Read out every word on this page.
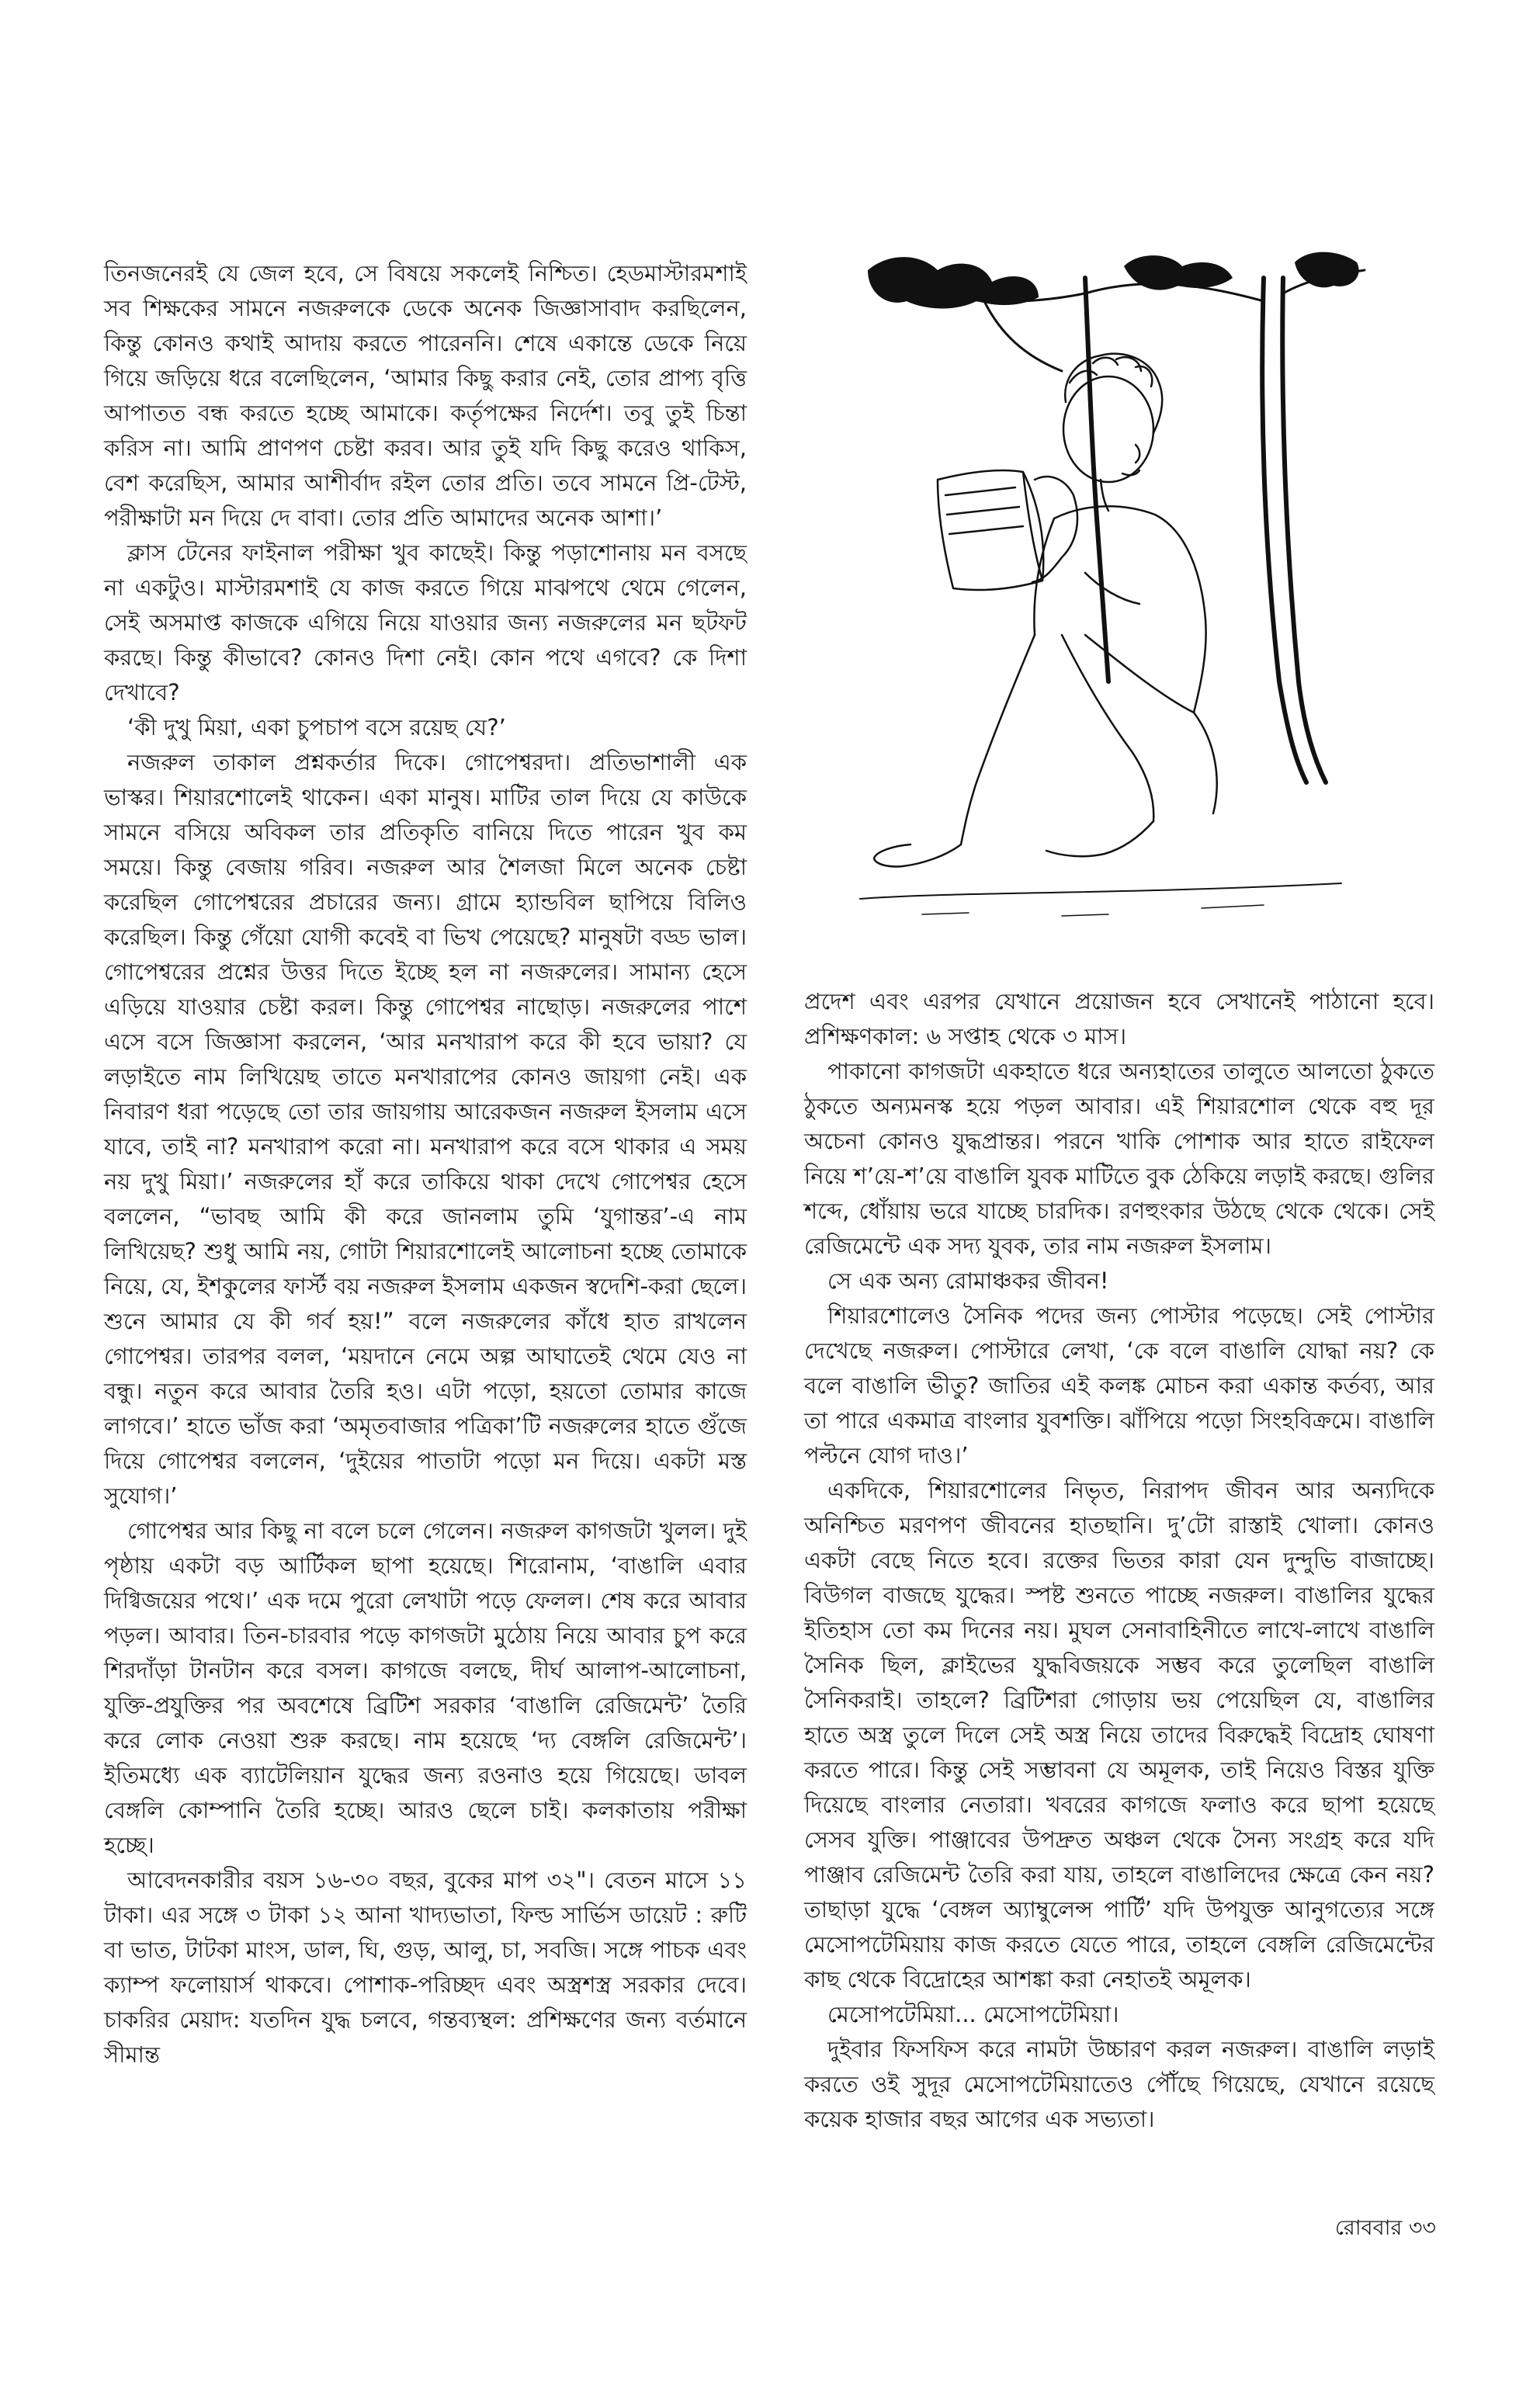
তিনজনেরই যে জেল হবে, সে বিষয়ে সকলেই নিশ্চিত। হেডমাস্টারমশাই সব শিক্ষকের সামনে নজরুলকে ডেকে অনেক জিজ্ঞাসাবাদ করছিলেন, কিন্তু কোনও কথাই আদায় করতে পারেননি। শেষে একান্তে ডেকে নিয়ে গিয়ে জড়িয়ে ধরে বলেছিলেন, ‘আমার কিছু করার নেই, তোর প্রাপ্য বৃত্তি আপাতত বন্ধ করতে হচ্ছে আমাকে। কর্তৃপক্ষের নির্দেশ। তবু তুই চিন্তা করিস না। আমি প্রাণপণ চেষ্টা করব। আর তুই যদি কিছু করেও থাকিস, বেশ করেছিস, আমার আশীর্বাদ রইল তোর প্রতি। তবে সামনে প্রি-টেস্ট, পরীক্ষাটা মন দিয়ে দে বাবা। তোর প্রতি আমাদের অনেক আশা।’

ক্লাস টেনের ফাইনাল পরীক্ষা খুব কাছেই। কিন্তু পড়াশোনায় মন বসছে না একটুও। মাস্টারমশাই যে কাজ করতে গিয়ে মাঝপথে থেমে গেলেন, সেই অসমাপ্ত কাজকে এগিয়ে নিয়ে যাওয়ার জন্য নজরুলের মন ছটফট করছে। কিন্তু কীভাবে? কোনও দিশা নেই। কোন পথে এগবে? কে দিশা দেখাবে?

‘কী দুখু মিয়া, একা চুপচাপ বসে রয়েছ যে?’

নজরুল তাকাল প্রশ্নকর্তার দিকে। গোপেশ্বরদা। প্রতিভাশালী এক ভাস্কর। শিয়ারশোলেই থাকেন। একা মানুষ। মাটির তাল দিয়ে যে কাউকে সামনে বসিয়ে অবিকল তার প্রতিকৃতি বানিয়ে দিতে পারেন খুব কম সময়ে। কিন্তু বেজায় গরিব। নজরুল আর শৈলজা মিলে অনেক চেষ্টা করেছিল গোপেশ্বরের প্রচারের জন্য। গ্রামে হ্যান্ডবিল ছাপিয়ে বিলিও করেছিল। কিন্তু গেঁয়ো যোগী কবেই বা ভিখ পেয়েছে? মানুষটা বড্ড ভাল। গোপেশ্বরের প্রশ্নের উত্তর দিতে ইচ্ছে হল না নজরুলের। সামান্য হেসে এড়িয়ে যাওয়ার চেষ্টা করল। কিন্তু গোপেশ্বর নাছোড়। নজরুলের পাশে এসে বসে জিজ্ঞাসা করলেন, ‘আর মনখারাপ করে কী হবে ভায়া? যে লড়াইতে নাম লিখিয়েছ তাতে মনখারাপের কোনও জায়গা নেই। এক নিবারণ ধরা পড়েছে তো তার জায়গায় আরেকজন নজরুল ইসলাম এসে যাবে, তাই না? মনখারাপ করো না। মনখারাপ করে বসে থাকার এ সময় নয় দুখু মিয়া।’ নজরুলের হাঁ করে তাকিয়ে থাকা দেখে গোপেশ্বর হেসে বললেন, “ভাবছ আমি কী করে জানলাম তুমি ‘যুগান্তর’-এ নাম লিখিয়েছ? শুধু আমি নয়, গোটা শিয়ারশোলেই আলোচনা হচ্ছে তোমাকে নিয়ে, যে, ইশকুলের ফার্স্ট বয় নজরুল ইসলাম একজন স্বদেশি-করা ছেলে। শুনে আমার যে কী গর্ব হয়!” বলে নজরুলের কাঁধে হাত রাখলেন গোপেশ্বর। তারপর বলল, ‘ময়দানে নেমে অল্প আঘাতেই থেমে যেও না বন্ধু। নতুন করে আবার তৈরি হও। এটা পড়ো, হয়তো তোমার কাজে লাগবে।’ হাতে ভাঁজ করা ‘অমৃতবাজার পত্রিকা’টি নজরুলের হাতে গুঁজে দিয়ে গোপেশ্বর বললেন, ‘দুইয়ের পাতাটা পড়ো মন দিয়ে। একটা মস্ত সুযোগ।’

গোপেশ্বর আর কিছু না বলে চলে গেলেন। নজরুল কাগজটা খুলল। দুই পৃষ্ঠায় একটা বড় আর্টিকল ছাপা হয়েছে। শিরোনাম, ‘বাঙালি এবার দিগ্বিজয়ের পথে।’ এক দমে পুরো লেখাটা পড়ে ফেলল। শেষ করে আবার পড়ল। আবার। তিন-চারবার পড়ে কাগজটা মুঠোয় নিয়ে আবার চুপ করে শিরদাঁড়া টানটান করে বসল। কাগজে বলছে, দীর্ঘ আলাপ-আলোচনা, যুক্তি-প্রযুক্তির পর অবশেষে ব্রিটিশ সরকার ‘বাঙালি রেজিমেন্ট’ তৈরি করে লোক নেওয়া শুরু করছে। নাম হয়েছে ‘দ্য বেঙ্গলি রেজিমেন্ট’। ইতিমধ্যে এক ব্যাটেলিয়ান যুদ্ধের জন্য রওনাও হয়ে গিয়েছে। ডাবল বেঙ্গলি কোম্পানি তৈরি হচ্ছে। আরও ছেলে চাই। কলকাতায় পরীক্ষা হচ্ছে।

আবেদনকারীর বয়স ১৬-৩০ বছর, বুকের মাপ ৩২"। বেতন মাসে ১১ টাকা। এর সঙ্গে ৩ টাকা ১২ আনা খাদ্যভাতা, ফিল্ড সার্ভিস ডায়েট : রুটি বা ভাত, টাটকা মাংস, ডাল, ঘি, গুড়, আলু, চা, সবজি। সঙ্গে পাচক এবং ক্যাম্প ফলোয়ার্স থাকবে। পোশাক-পরিচ্ছদ এবং অস্ত্রশস্ত্র সরকার দেবে। চাকরির মেয়াদ: যতদিন যুদ্ধ চলবে, গন্তব্যস্থল: প্রশিক্ষণের জন্য বর্তমানে সীমান্ত

প্রদেশ এবং এরপর যেখানে প্রয়োজন হবে সেখানেই পাঠানো হবে। প্রশিক্ষণকাল: ৬ সপ্তাহ থেকে ৩ মাস।

পাকানো কাগজটা একহাতে ধরে অন্যহাতের তালুতে আলতো ঠুকতে ঠুকতে অন্যমনস্ক হয়ে পড়ল আবার। এই শিয়ারশোল থেকে বহু দূর অচেনা কোনও যুদ্ধপ্রান্তর। পরনে খাকি পোশাক আর হাতে রাইফেল নিয়ে শ’য়ে-শ’য়ে বাঙালি যুবক মাটিতে বুক ঠেকিয়ে লড়াই করছে। গুলির শব্দে, ধোঁয়ায় ভরে যাচ্ছে চারদিক। রণহুংকার উঠছে থেকে থেকে। সেই রেজিমেন্টে এক সদ্য যুবক, তার নাম নজরুল ইসলাম।

সে এক অন্য রোমাঞ্চকর জীবন!

শিয়ারশোলেও সৈনিক পদের জন্য পোস্টার পড়েছে। সেই পোস্টার দেখেছে নজরুল। পোস্টারে লেখা, ‘কে বলে বাঙালি যোদ্ধা নয়? কে বলে বাঙালি ভীতু? জাতির এই কলঙ্ক মোচন করা একান্ত কর্তব্য, আর তা পারে একমাত্র বাংলার যুবশক্তি। ঝাঁপিয়ে পড়ো সিংহবিক্রমে। বাঙালি পল্টনে যোগ দাও।’

একদিকে, শিয়ারশোলের নিভৃত, নিরাপদ জীবন আর অন্যদিকে অনিশ্চিত মরণপণ জীবনের হাতছানি। দু’টো রাস্তাই খোলা। কোনও একটা বেছে নিতে হবে। রক্তের ভিতর কারা যেন দুন্দুভি বাজাচ্ছে। বিউগল বাজছে যুদ্ধের। স্পষ্ট শুনতে পাচ্ছে নজরুল। বাঙালির যুদ্ধের ইতিহাস তো কম দিনের নয়। মুঘল সেনাবাহিনীতে লাখে-লাখে বাঙালি সৈনিক ছিল, ক্লাইভের যুদ্ধবিজয়কে সম্ভব করে তুলেছিল বাঙালি সৈনিকরাই। তাহলে? ব্রিটিশরা গোড়ায় ভয় পেয়েছিল যে, বাঙালির হাতে অস্ত্র তুলে দিলে সেই অস্ত্র নিয়ে তাদের বিরুদ্ধেই বিদ্রোহ ঘোষণা করতে পারে। কিন্তু সেই সম্ভাবনা যে অমূলক, তাই নিয়েও বিস্তর যুক্তি দিয়েছে বাংলার নেতারা। খবরের কাগজে ফলাও করে ছাপা হয়েছে সেসব যুক্তি। পাঞ্জাবের উপদ্রুত অঞ্চল থেকে সৈন্য সংগ্রহ করে যদি পাঞ্জাব রেজিমেন্ট তৈরি করা যায়, তাহলে বাঙালিদের ক্ষেত্রে কেন নয়? তাছাড়া যুদ্ধে ‘বেঙ্গল অ্যাম্বুলেন্স পার্টি’ যদি উপযুক্ত আনুগত্যের সঙ্গে মেসোপটেমিয়ায় কাজ করতে যেতে পারে, তাহলে বেঙ্গলি রেজিমেন্টের কাছ থেকে বিদ্রোহের আশঙ্কা করা নেহাতই অমূলক।

মেসোপটেমিয়া... মেসোপটেমিয়া।

দুইবার ফিসফিস করে নামটা উচ্চারণ করল নজরুল। বাঙালি লড়াই করতে ওই সুদূর মেসোপটেমিয়াতেও পৌঁছে গিয়েছে, যেখানে রয়েছে কয়েক হাজার বছর আগের এক সভ্যতা।

রোববার ৩৩
